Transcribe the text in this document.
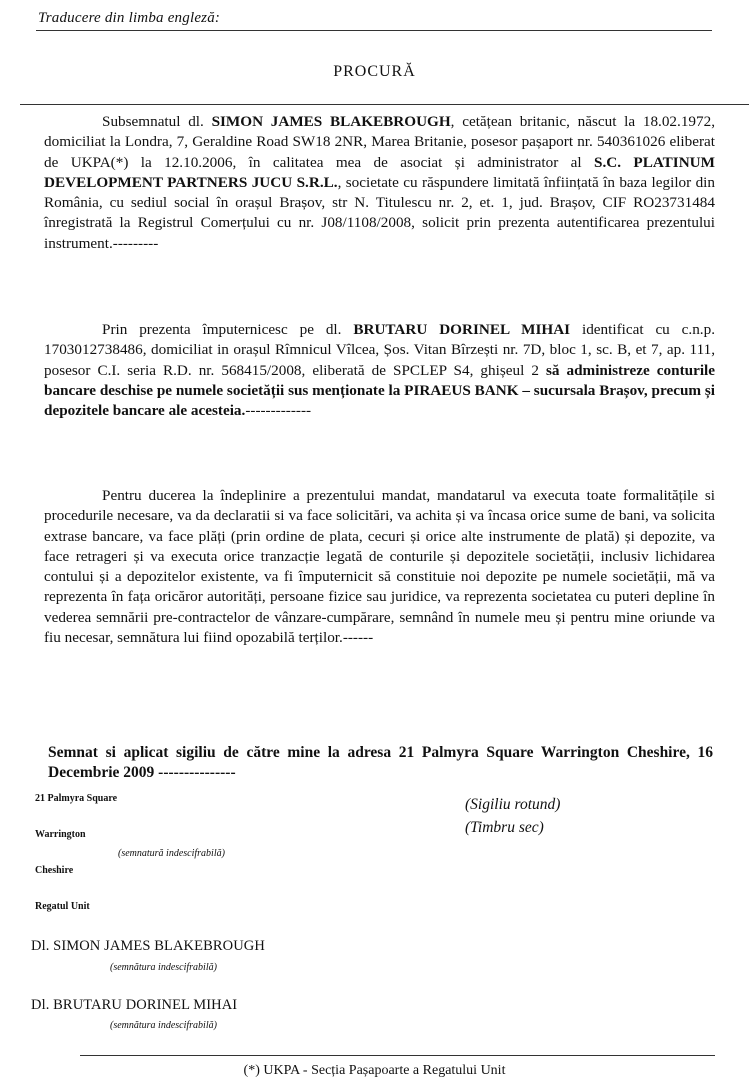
Traducere din limba engleză:
PROCURĂ

Subsemnatul dl. SIMON JAMES BLAKEBROUGH, cetățean britanic, născut la 18.02.1972, domiciliat la Londra, 7, Geraldine Road SW18 2NR, Marea Britanie, posesor pașaport nr. 540361026 eliberat de UKPA(*) la 12.10.2006, în calitatea mea de asociat și administrator al S.C. PLATINUM DEVELOPMENT PARTNERS JUCU S.R.L., societate cu răspundere limitată înființată în baza legilor din România, cu sediul social în orașul Brașov, str N. Titulescu nr. 2, et. 1, jud. Brașov, CIF RO23731484 înregistrată la Registrul Comerțului cu nr. J08/1108/2008, solicit prin prezenta autentificarea prezentului instrument.---------

Prin prezenta împuternicesc pe dl. BRUTARU DORINEL MIHAI identificat cu c.n.p. 1703012738486, domiciliat in orașul Rîmnicul Vîlcea, Șos. Vitan Bîrzești nr. 7D, bloc 1, sc. B, et 7, ap. 111, posesor C.I. seria R.D. nr. 568415/2008, eliberată de SPCLEP S4, ghișeul 2 să administreze conturile bancare deschise pe numele societății sus menționate la PIRAEUS BANK – sucursala Brașov, precum și depozitele bancare ale acesteia.-------------

Pentru ducerea la îndeplinire a prezentului mandat, mandatarul va executa toate formalitățile si procedurile necesare, va da declaratii si va face solicitări, va achita și va încasa orice sume de bani, va solicita extrase bancare, va face plăți (prin ordine de plata, cecuri și orice alte instrumente de plată) și depozite, va face retrageri și va executa orice tranzacție legată de conturile și depozitele societății, inclusiv lichidarea contului și a depozitelor existente, va fi împuternicit să constituie noi depozite pe numele societății, mă va reprezenta în fața oricăror autorități, persoane fizice sau juridice, va reprezenta societatea cu puteri depline în vederea semnării pre-contractelor de vânzare-cumpărare, semnând în numele meu și pentru mine oriunde va fiu necesar, semnătura lui fiind opozabilă terților.------

Semnat si aplicat sigiliu de către mine la adresa 21 Palmyra Square Warrington Cheshire, 16 Decembrie 2009 ---------------
21 Palmyra Square
Warrington
Cheshire
Regatul Unit
(Sigiliu rotund)
(Timbru sec)
(semnatură indescifrabilă)
Dl. SIMON JAMES BLAKEBROUGH
(semnătura indescifrabilă)
Dl. BRUTARU DORINEL MIHAI
(semnătura indescifrabilă)
(*) UKPA - Secția Pașapoarte a Regatului Unit
